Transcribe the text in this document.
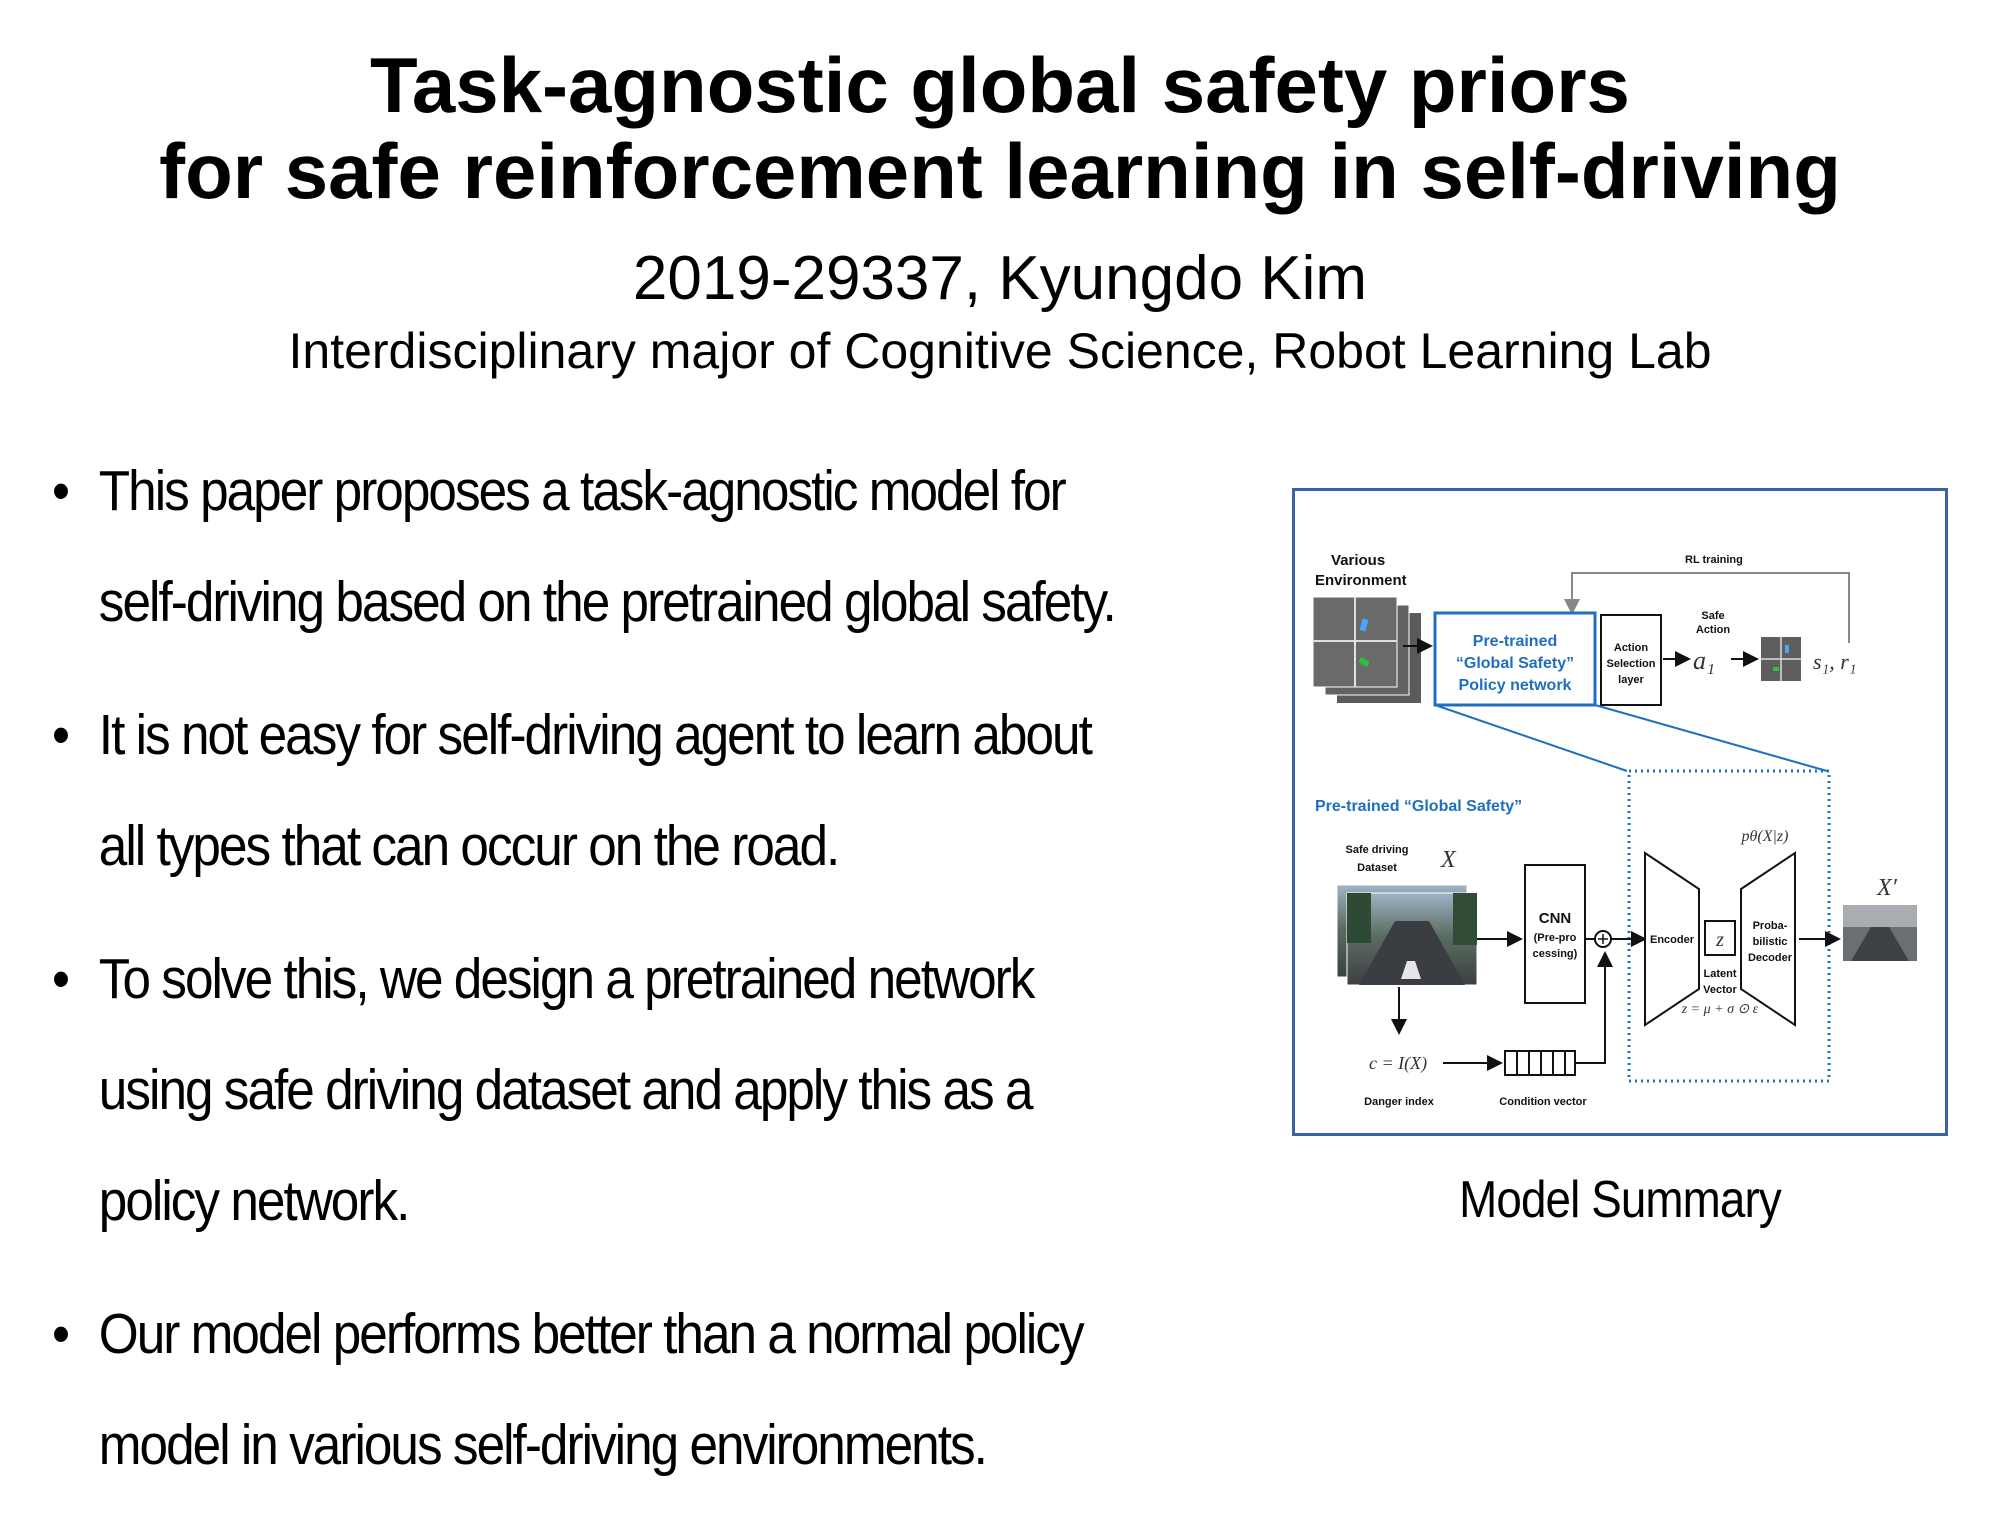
Task-agnostic global safety priors
for safe reinforcement learning in self-driving
2019-29337, Kyungdo Kim
Interdisciplinary major of Cognitive Science, Robot Learning Lab
• This paper proposes a task-agnostic model for
self-driving based on the pretrained global safety.
• It is not easy for self-driving agent to learn about
all types that can occur on the road.
• To solve this, we design a pretrained network
using safe driving dataset and apply this as a
policy network.
• Our model performs better than a normal policy
model in various self-driving environments.
RL training
Various
Environment
Pre-trained
“Global Safety”
Policy network
Action
Selection
layer
Safe
Action
a₁	s₁, r₁
Pre-trained “Global Safety”
Safe driving
Dataset X
CNN
(Pre-pro
cessing)
Encoder z
Latent
Vector
z = μ + σ ⊙ ε
Proba-
bilistic
Decoder
pθ(X|z)
X′
c = I(X)
Danger index	Condition vector
Model Summary
